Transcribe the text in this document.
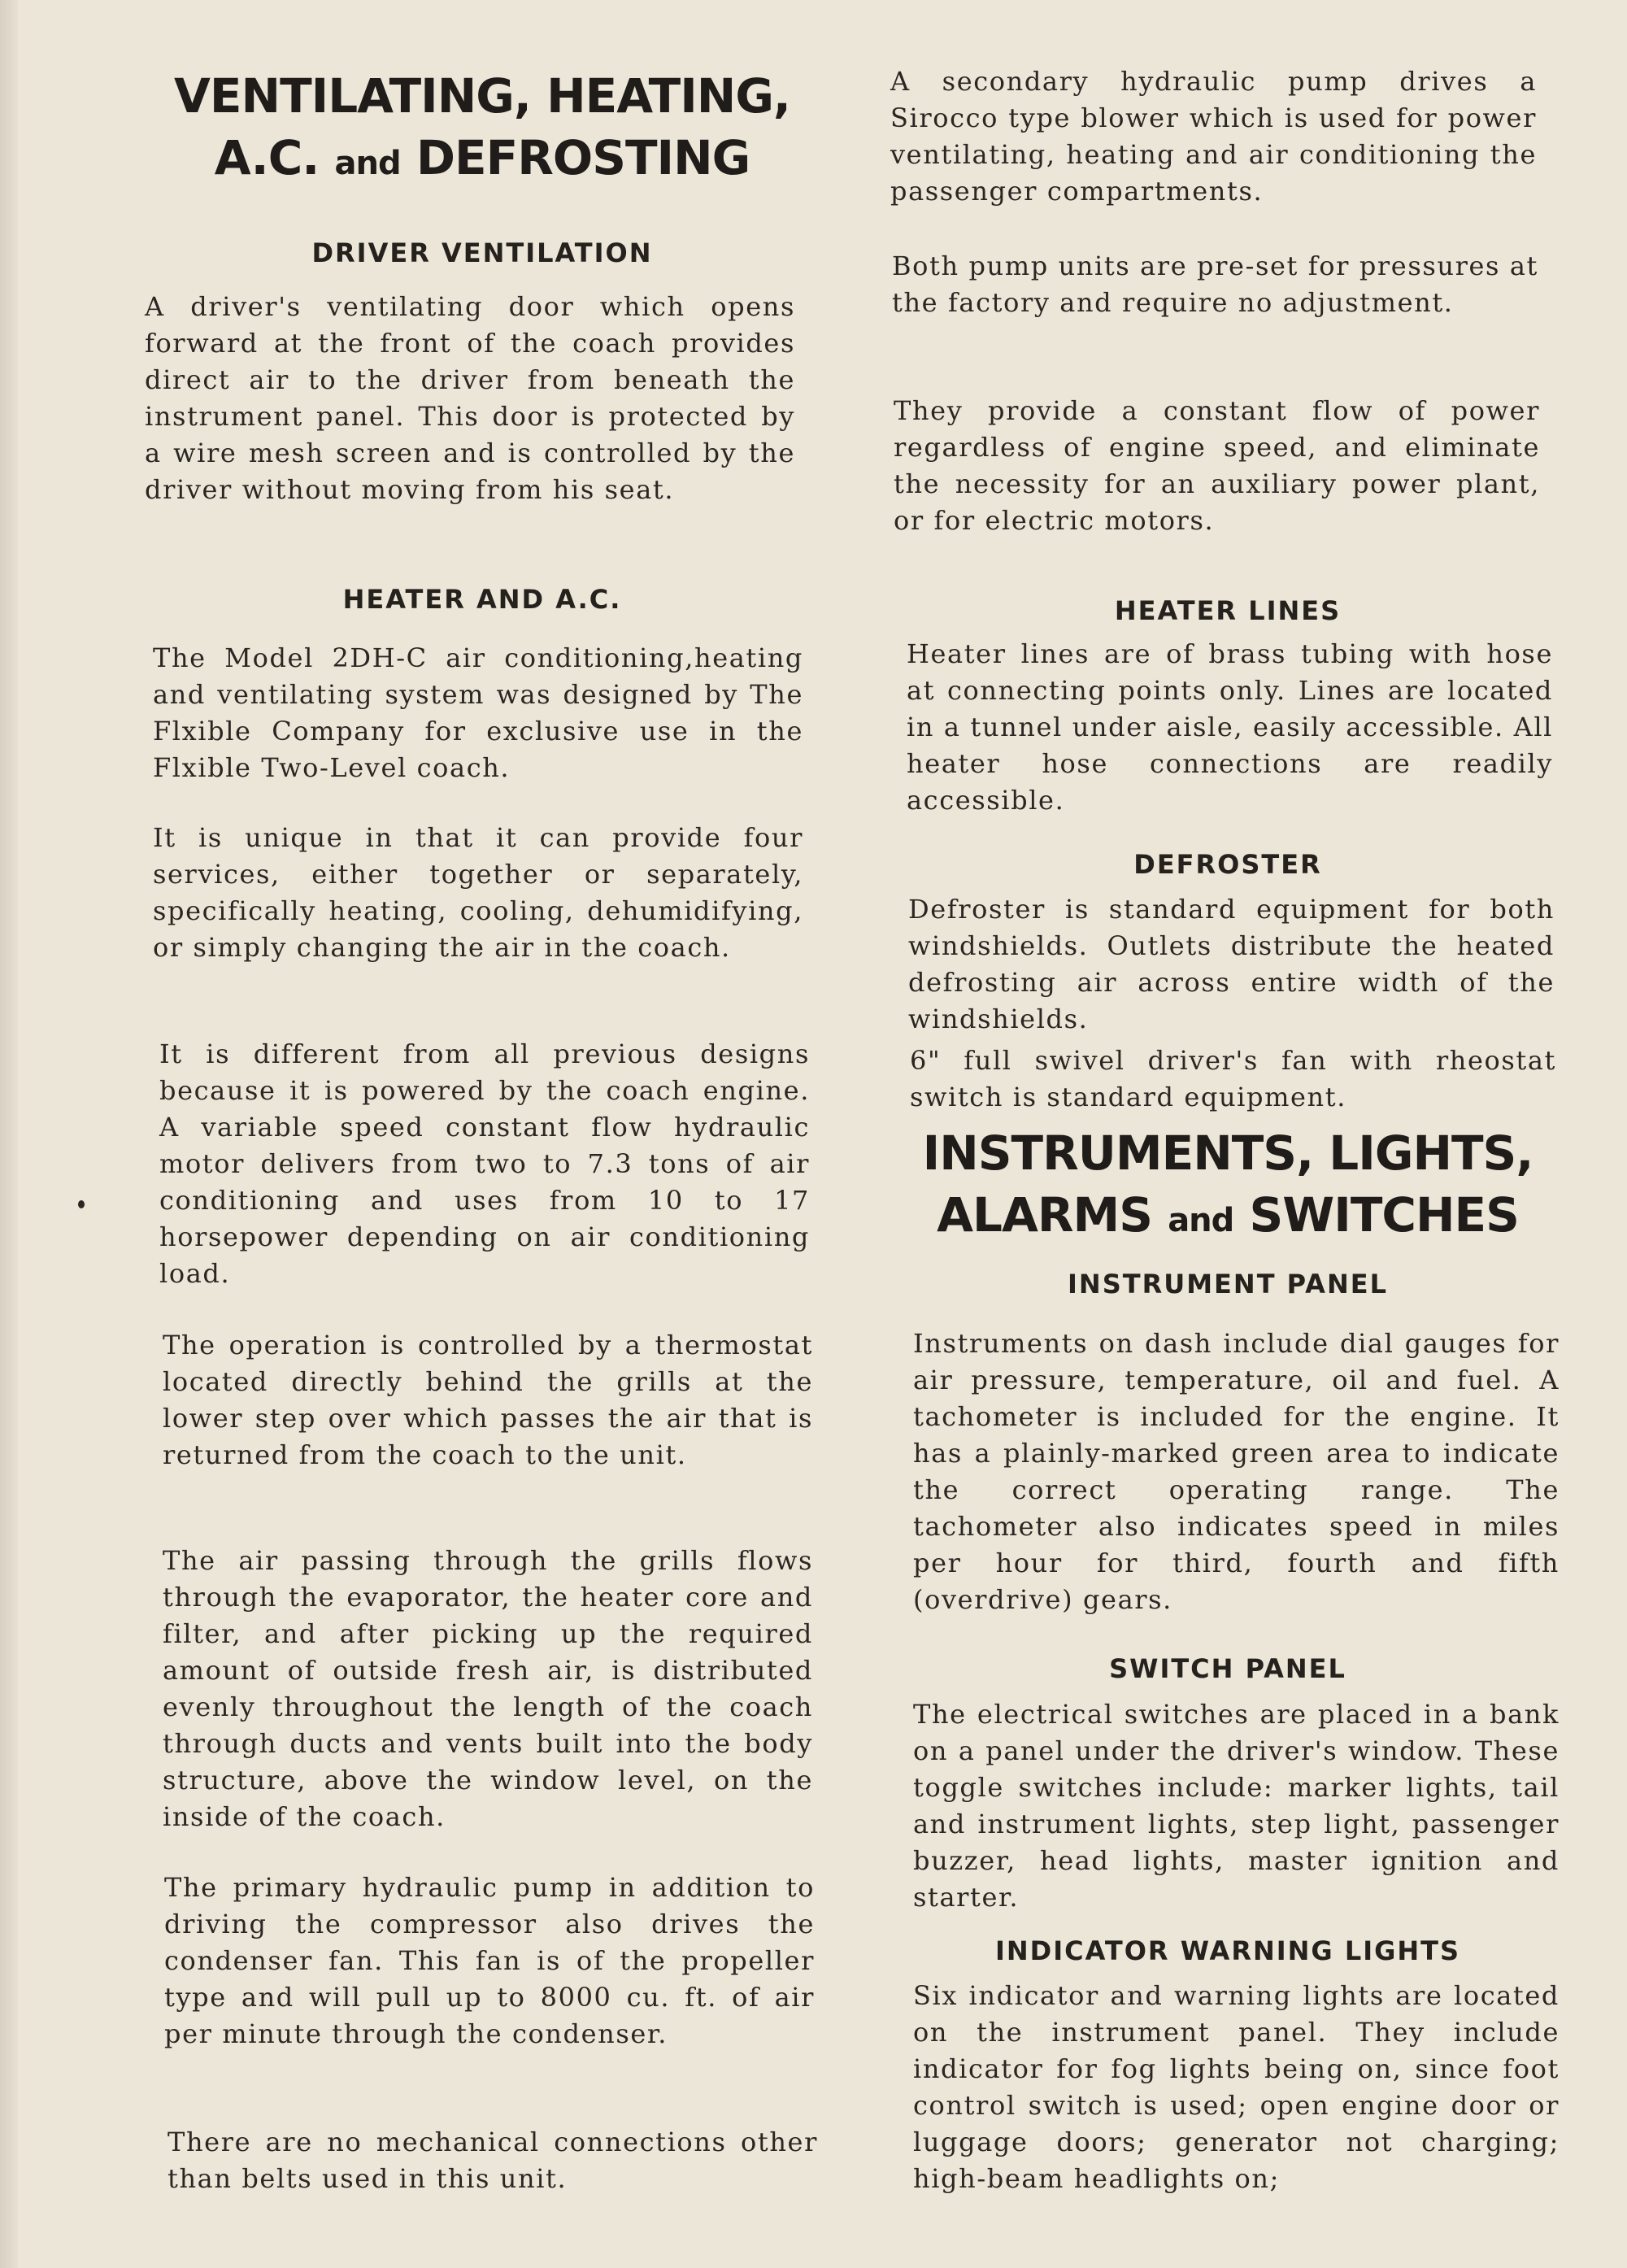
VENTILATING, HEATING,
A.C. and DEFROSTING
DRIVER VENTILATION

A driver's ventilating door which opens forward at the front of the coach provides direct air to the driver from beneath the instrument panel. This door is protected by a wire mesh screen and is controlled by the driver without moving from his seat.

HEATER AND A.C.

The Model 2DH-C air conditioning,heating and ventilating system was designed by The Flxible Company for exclusive use in the Flxible Two-Level coach.

It is unique in that it can provide four services, either together or separately, specifically heating, cooling, dehumidifying, or simply changing the air in the coach.

It is different from all previous designs because it is powered by the coach engine. A variable speed constant flow hydraulic motor delivers from two to 7.3 tons of air conditioning and uses from 10 to 17 horsepower depending on air conditioning load.

The operation is controlled by a thermostat located directly behind the grills at the lower step over which passes the air that is returned from the coach to the unit.

The air passing through the grills flows through the evaporator, the heater core and filter, and after picking up the required amount of outside fresh air, is distributed evenly throughout the length of the coach through ducts and vents built into the body structure, above the window level, on the inside of the coach.

The primary hydraulic pump in addition to driving the compressor also drives the condenser fan. This fan is of the propeller type and will pull up to 8000 cu. ft. of air per minute through the condenser.

There are no mechanical connections other than belts used in this unit.

A secondary hydraulic pump drives a Sirocco type blower which is used for power ventilating, heating and air conditioning the passenger compartments.

Both pump units are pre-set for pressures at the factory and require no adjustment.

They provide a constant flow of power regardless of engine speed, and eliminate the necessity for an auxiliary power plant, or for electric motors.

HEATER LINES

Heater lines are of brass tubing with hose at connecting points only. Lines are located in a tunnel under aisle, easily accessible. All heater hose connections are readily accessible.

DEFROSTER

Defroster is standard equipment for both windshields. Outlets distribute the heated defrosting air across entire width of the windshields.

6" full swivel driver's fan with rheostat switch is standard equipment.

INSTRUMENTS, LIGHTS,
ALARMS and SWITCHES
INSTRUMENT PANEL

Instruments on dash include dial gauges for air pressure, temperature, oil and fuel. A tachometer is included for the engine. It has a plainly-marked green area to indicate the correct operating range. The tachometer also indicates speed in miles per hour for third, fourth and fifth (overdrive) gears.

SWITCH PANEL

The electrical switches are placed in a bank on a panel under the driver's window. These toggle switches include: marker lights, tail and instrument lights, step light, passenger buzzer, head lights, master ignition and starter.

INDICATOR WARNING LIGHTS

Six indicator and warning lights are located on the instrument panel. They include indicator for fog lights being on, since foot control switch is used; open engine door or luggage doors; generator not charging; high-beam headlights on;
